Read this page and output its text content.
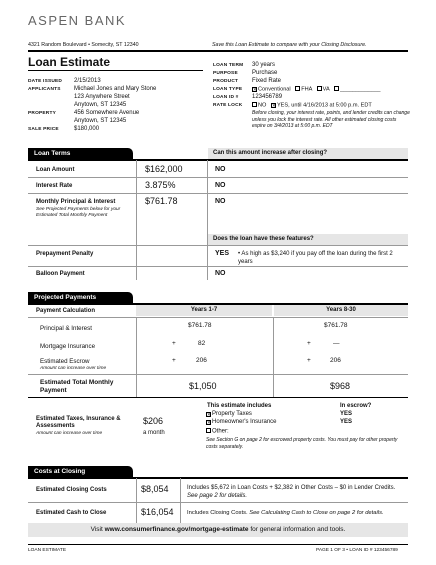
ASPEN BANK
4321 Random Boulevard • Somecity, ST 12340	Save this Loan Estimate to compare with your Closing Disclosure.
Loan Estimate
DATE ISSUED 2/15/2013
APPLICANTS Michael Jones and Mary Stone
123 Anywhere Street
Anytown, ST 12345
PROPERTY	456 Somewhere Avenue
Anytown, ST 12345
SALE PRICE	$180,000
LOAN TERM 30 years
PURPOSE Purchase
PRODUCT Fixed Rate
LOAN TYPE ✕Conventional FHA VA _____________
LOAN ID # 123456789
RATE LOCK	NO ✕YES, until 4/16/2013 at 5:00 p.m. EDT
Before closing, your interest rate, points, and lender credits can change unless you lock the interest rate. All other estimated closing costs expire on 3/4/2013 at 5:00 p.m. EDT
Loan Terms	Can this amount increase after closing?
Loan Amount	$162,000	NO
Interest Rate	3.875%	NO
Monthly Principal & Interest
See Projected Payments below for your Estimated Total Monthly Payment
$761.78	NO
Does the loan have these features?
Prepayment Penalty	YES • As high as $3,240 if you pay off the loan during the first 2 years
Balloon Payment	NO
Projected Payments
Payment Calculation	Years 1-7	Years 8-30
Principal & Interest	$761.78	$761.78
Mortgage Insurance	+	82	+	—
Estimated Escrow
Amount can increase over time
+	206	+	206
Estimated Total Monthly Payment	$1,050	$968
Estimated Taxes, Insurance & Assessments
Amount can increase over time
$206
a month
This estimate includes	In escrow?
✕Property Taxes	YES
✕Homeowner's Insurance	YES
Other:
See Section G on page 2 for escrowed property costs. You must pay for other property costs separately.
Costs at Closing
Estimated Closing Costs	$8,054	Includes $5,672 in Loan Costs + $2,382 in Other Costs – $0 in Lender Credits. See page 2 for details.
Estimated Cash to Close	$16,054 Includes Closing Costs. See Calculating Cash to Close on page 2 for details.
Visit www.consumerfinance.gov/mortgage-estimate for general information and tools.
LOAN ESTIMATE	PAGE 1 OF 3 • LOAN ID # 123456789
